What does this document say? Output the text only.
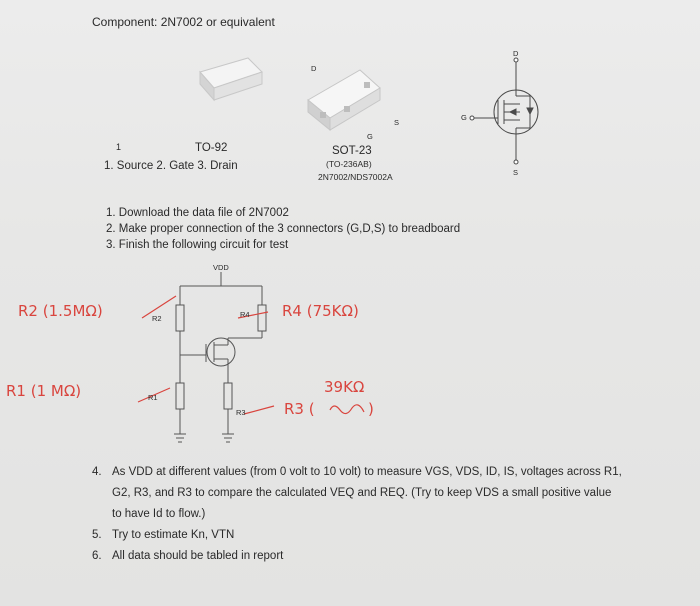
Component: 2N7002 or equivalent
1	TO-92
1. Source 2. Gate 3. Drain
D
S
G
SOT-23
(TO-236AB)
2N7002/NDS7002A
D
G
S
1. Download the data file of 2N7002
2. Make proper connection of the 3 connectors (G,D,S) to breadboard
3. Finish the following circuit for test
VDD
R2
R1
R4
R3
R2 (1.5MΩ)
R1 (1 MΩ)
R4 (75KΩ)
R3 (
39KΩ
)
4. As VDD at different values (from 0 volt to 10 volt) to measure VGS, VDS, ID, IS, voltages across R1,
G2, R3, and R3 to compare the calculated VEQ and REQ. (Try to keep VDS a small positive value
to have Id to flow.)
5. Try to estimate Kn, VTN
6. All data should be tabled in report
